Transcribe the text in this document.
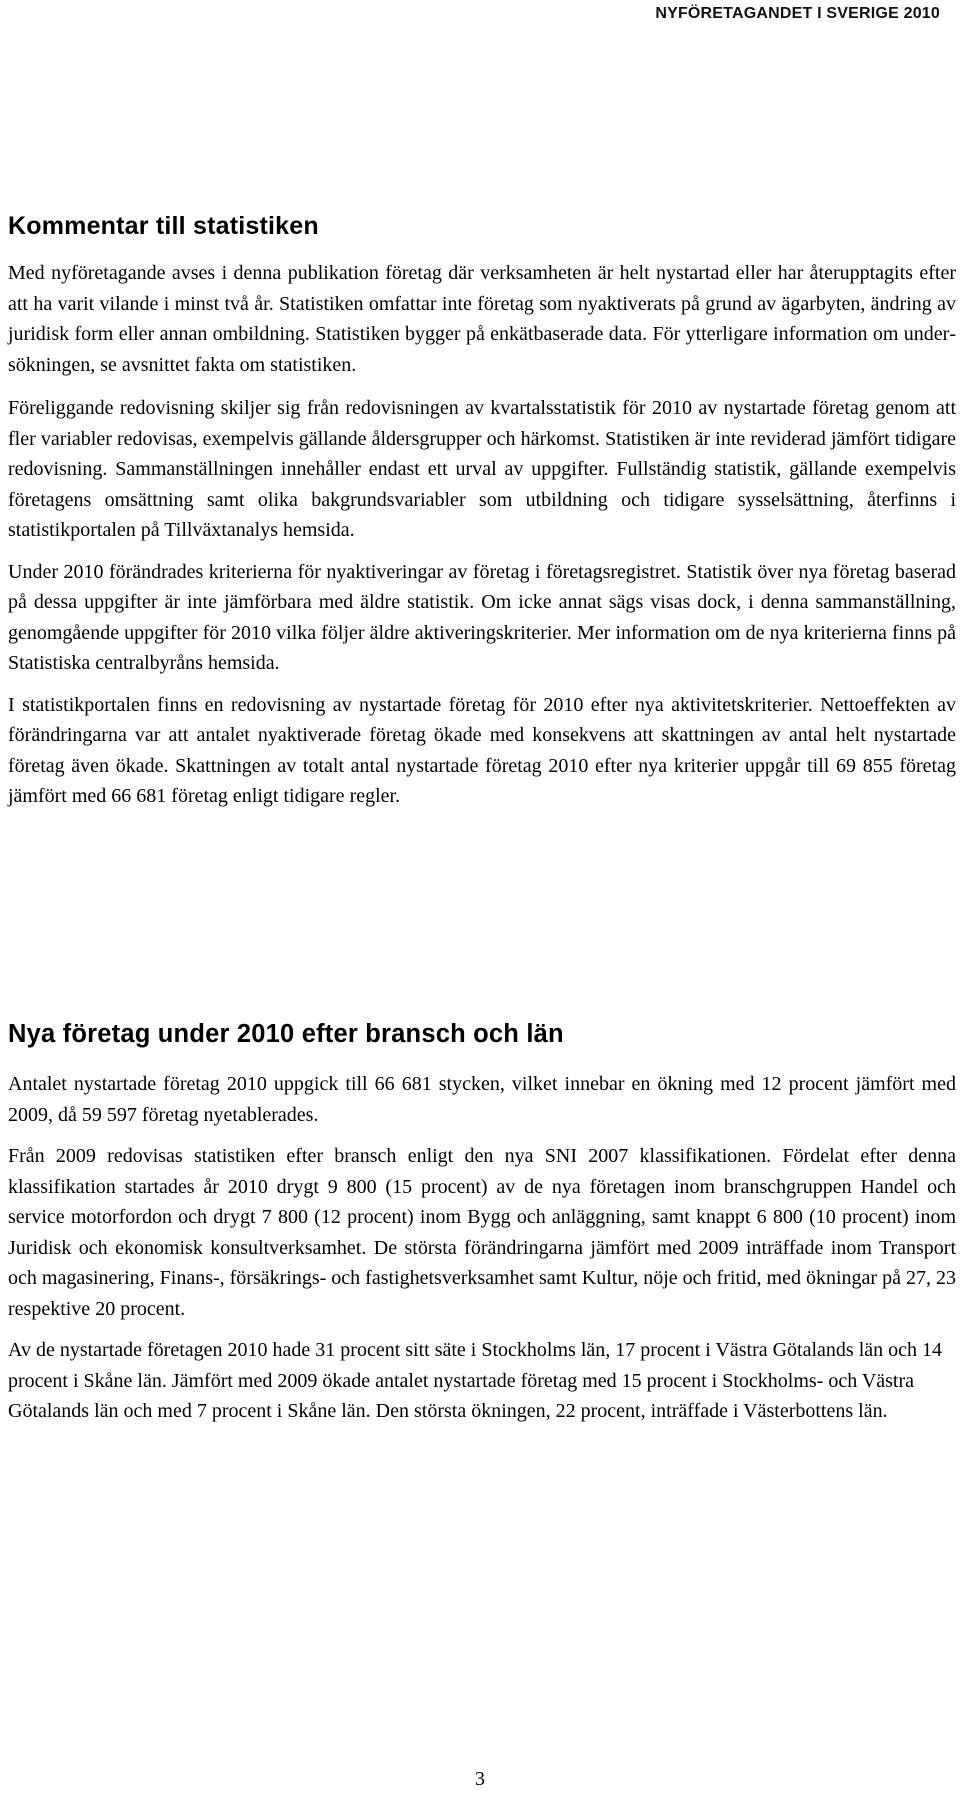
NYFÖRETAGANDET I SVERIGE 2010
Kommentar till statistiken

Med nyföretagande avses i denna publikation företag där verksamheten är helt nystartad eller har återupptagits efter att ha varit vilande i minst två år. Statistiken omfattar inte företag som nyaktiverats på grund av ägarbyten, ändring av juridisk form eller annan ombildning. Statistiken bygger på enkätbaserade data. För ytterligare information om undersökningen, se avsnittet fakta om statistiken.

Föreliggande redovisning skiljer sig från redovisningen av kvartalsstatistik för 2010 av nystartade företag genom att fler variabler redovisas, exempelvis gällande åldersgrupper och härkomst. Statistiken är inte reviderad jämfört tidigare redovisning. Sammanställningen innehåller endast ett urval av uppgifter. Fullständig statistik, gällande exempelvis företagens omsättning samt olika bakgrundsvariabler som utbildning och tidigare sysselsättning, återfinns i statistikportalen på Tillväxtanalys hemsida.

Under 2010 förändrades kriterierna för nyaktiveringar av företag i företagsregistret. Statistik över nya företag baserad på dessa uppgifter är inte jämförbara med äldre statistik. Om icke annat sägs visas dock, i denna sammanställning, genomgående uppgifter för 2010 vilka följer äldre aktiveringskriterier. Mer information om de nya kriterierna finns på Statistiska centralbyråns hemsida.

I statistikportalen finns en redovisning av nystartade företag för 2010 efter nya aktivitetskriterier. Nettoeffekten av förändringarna var att antalet nyaktiverade företag ökade med konsekvens att skattningen av antal helt nystartade företag även ökade. Skattningen av totalt antal nystartade företag 2010 efter nya kriterier uppgår till 69 855 företag jämfört med 66 681 företag enligt tidigare regler.

Nya företag under 2010 efter bransch och län

Antalet nystartade företag 2010 uppgick till 66 681 stycken, vilket innebar en ökning med 12 procent jämfört med 2009, då 59 597 företag nyetablerades.

Från 2009 redovisas statistiken efter bransch enligt den nya SNI 2007 klassifikationen. Fördelat efter denna klassifikation startades år 2010 drygt 9 800 (15 procent) av de nya företagen inom branschgruppen Handel och service motorfordon och drygt 7 800 (12 procent) inom Bygg och anläggning, samt knappt 6 800 (10 procent) inom Juridisk och ekonomisk konsultverksamhet. De största förändringarna jämfört med 2009 inträffade inom Transport och magasinering, Finans-, försäkrings- och fastighetsverksamhet samt Kultur, nöje och fritid, med ökningar på 27, 23 respektive 20 procent.

Av de nystartade företagen 2010 hade 31 procent sitt säte i Stockholms län, 17 procent i Västra Götalands län och 14 procent i Skåne län. Jämfört med 2009 ökade antalet nystartade företag med 15 procent i Stockholms- och Västra Götalands län och med 7 procent i Skåne län. Den största ökningen, 22 procent, inträffade i Västerbottens län.

3
